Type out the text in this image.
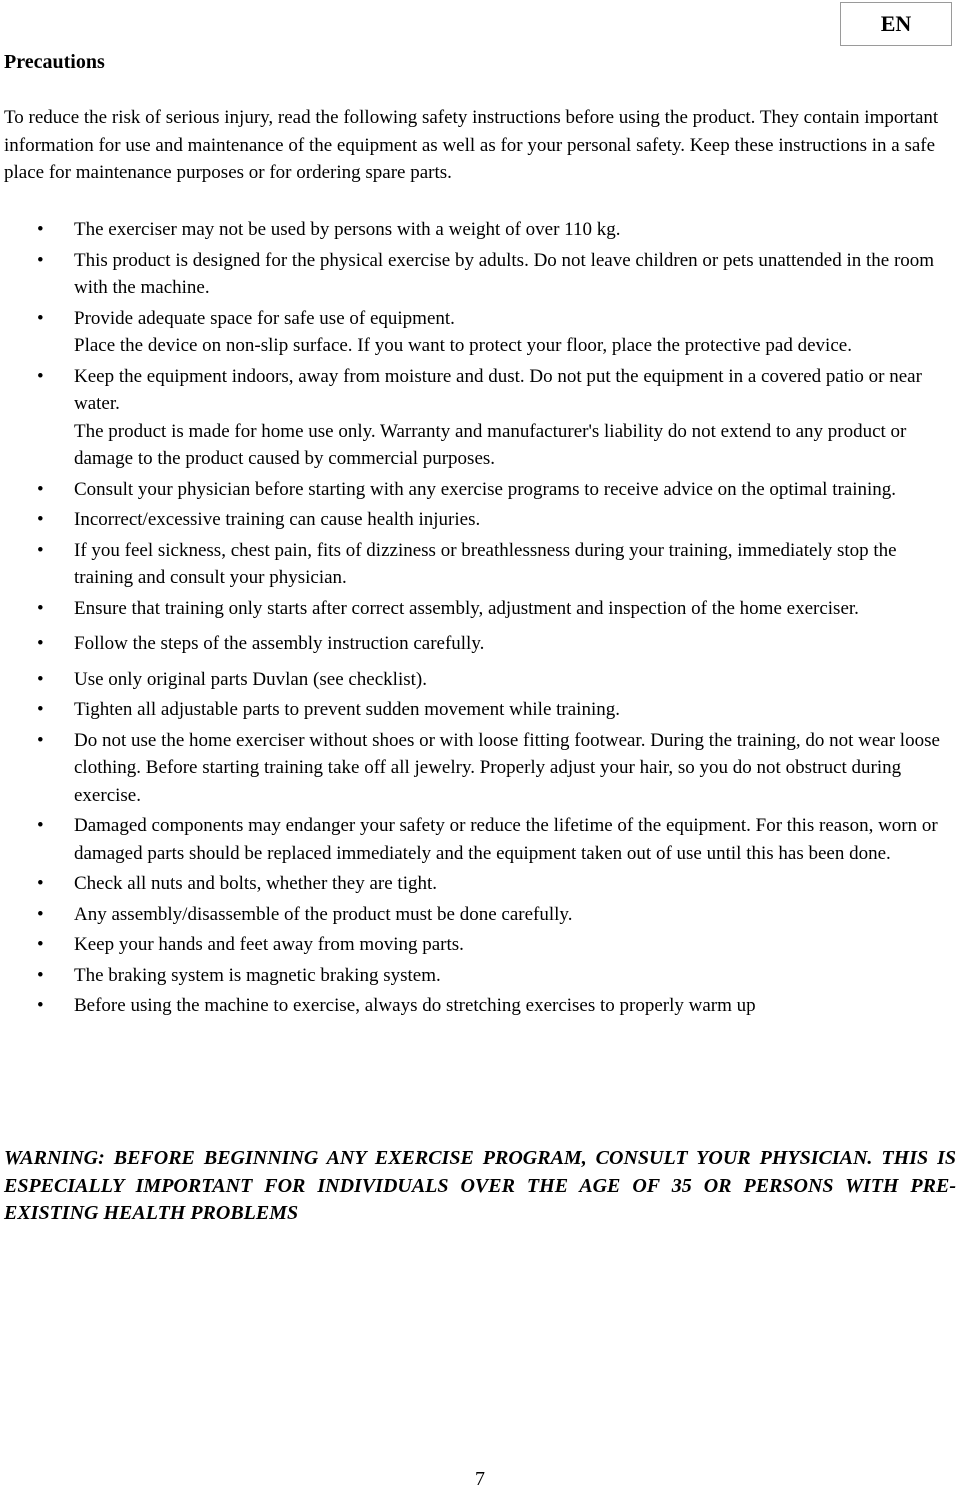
EN
Precautions

To reduce the risk of serious injury, read the following safety instructions before using the product. They contain important information for use and maintenance of the equipment as well as for your personal safety. Keep these instructions in a safe place for maintenance purposes or for ordering spare parts.

• The exerciser may not be used by persons with a weight of over 110 kg.
• This product is designed for the physical exercise by adults. Do not leave children or pets unattended in the room with the machine.
• Provide adequate space for safe use of equipment.
Place the device on non-slip surface. If you want to protect your floor, place the protective pad device.
• Keep the equipment indoors, away from moisture and dust. Do not put the equipment in a covered patio or near water.
The product is made for home use only. Warranty and manufacturer's liability do not extend to any product or damage to the product caused by commercial purposes.
• Consult your physician before starting with any exercise programs to receive advice on the optimal training.
• Incorrect/excessive training can cause health injuries.
• If you feel sickness, chest pain, fits of dizziness or breathlessness during your training, immediately stop the training and consult your physician.
• Ensure that training only starts after correct assembly, adjustment and inspection of the home exerciser.
• Follow the steps of the assembly instruction carefully.
• Use only original parts Duvlan (see checklist).
• Tighten all adjustable parts to prevent sudden movement while training.
• Do not use the home exerciser without shoes or with loose fitting footwear. During the training, do not wear loose clothing. Before starting training take off all jewelry. Properly adjust your hair, so you do not obstruct during exercise.
• Damaged components may endanger your safety or reduce the lifetime of the equipment. For this reason, worn or damaged parts should be replaced immediately and the equipment taken out of use until this has been done.
• Check all nuts and bolts, whether they are tight.
• Any assembly/disassemble of the product must be done carefully.
• Keep your hands and feet away from moving parts.
• The braking system is magnetic braking system.
• Before using the machine to exercise, always do stretching exercises to properly warm up

WARNING: BEFORE BEGINNING ANY EXERCISE PROGRAM, CONSULT YOUR PHYSICIAN. THIS IS ESPECIALLY IMPORTANT FOR INDIVIDUALS OVER THE AGE OF 35 OR PERSONS WITH PRE-EXISTING HEALTH PROBLEMS

7
